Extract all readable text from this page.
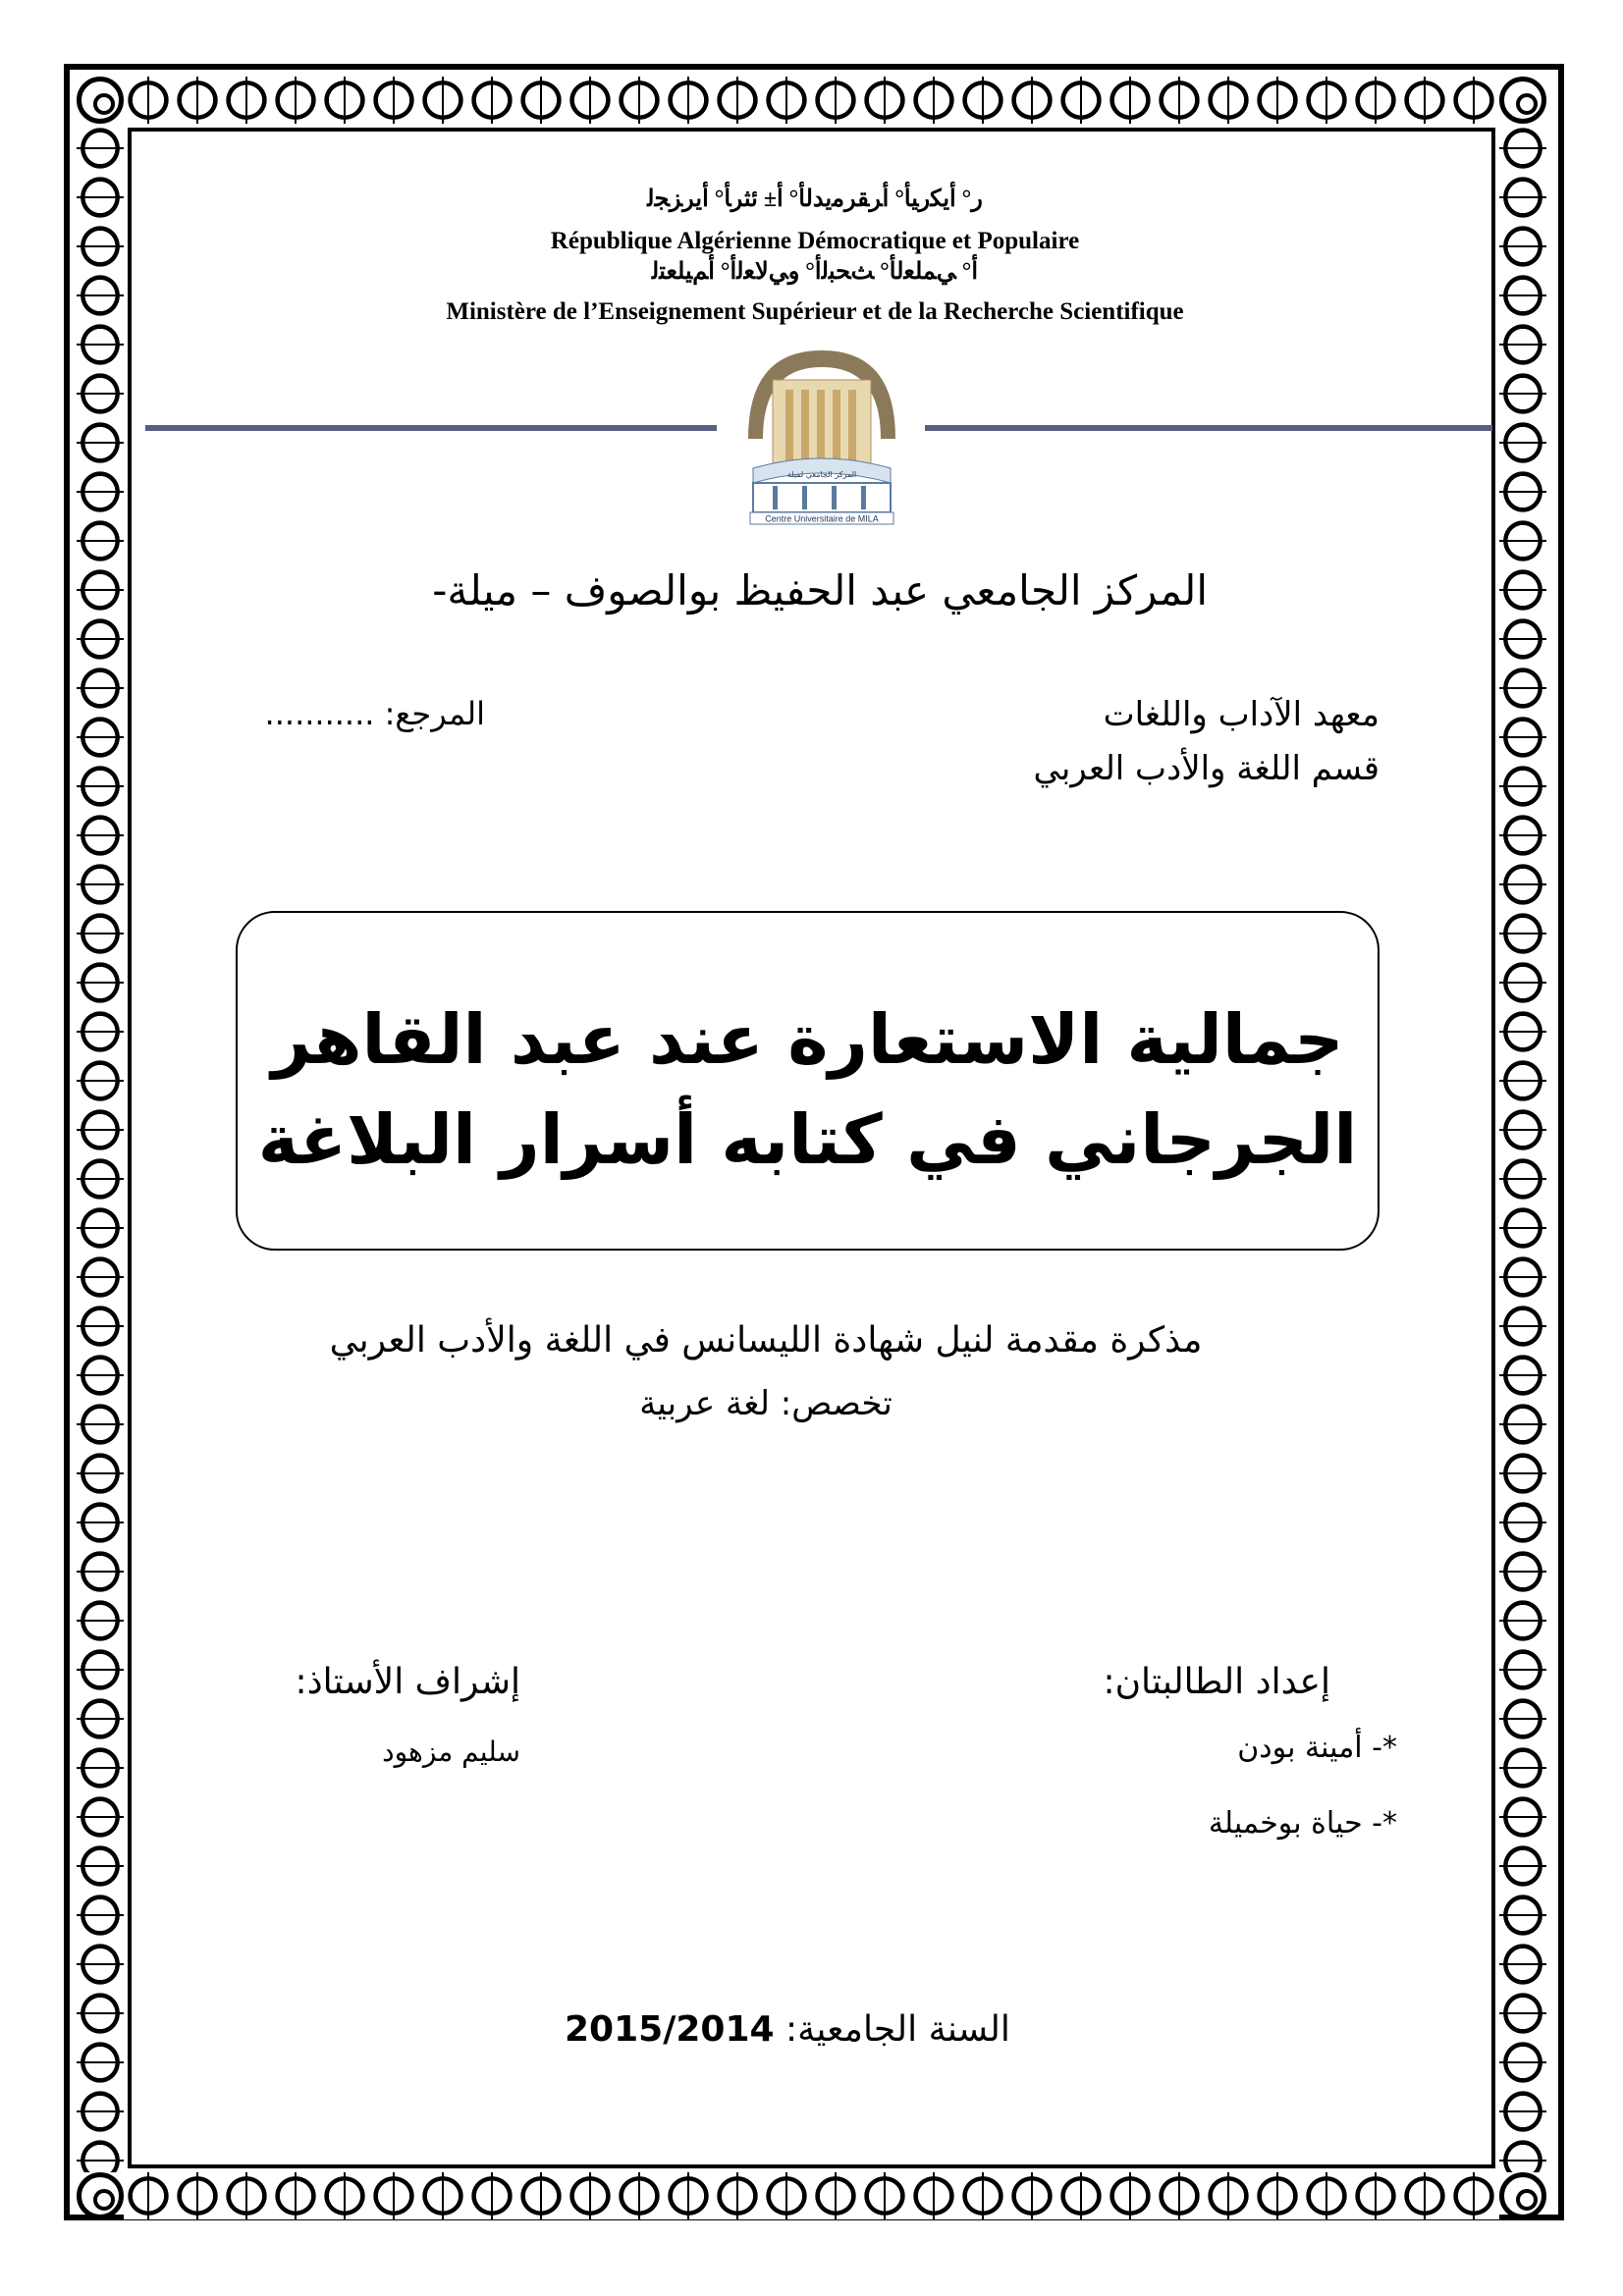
ﺭ° ﺃﻳﻜﺭﻴﺄ° ﺃﺮﻘﺮﻣﻳﺪﻟﺄ° ﺃ± ﺋﺜﺮﺄ° ﺃﻳﺮﺰﺠﻟ
République Algérienne Démocratique et Populaire
ﺃ° ﻲﻤﻠﻌﻟﺄ° ﺚﺤﺒﻟﺃ° ﻭﻲﻟﺎﻌﻟﺃ° ﺃﻢﻴﻠﻌﺘﻟ
Ministère de l’Enseignement Supérieur et de la Recherche Scientifique
المركز الجامعي لميلة
Centre Universitaire de MILA
المركز الجامعي عبد الحفيظ بوالصوف – ميلة-
معهد الآداب واللغات
قسم اللغة والأدب العربي
المرجع: ...........
جمالية الاستعارة عند عبد القاهر
الجرجاني في كتابه أسرار البلاغة
مذكرة مقدمة لنيل شهادة الليسانس في اللغة والأدب العربي
تخصص: لغة عربية
إعداد الطالبتان:
*- أمينة بودن
*- حياة بوخميلة
إشراف الأستاذ:
سليم مزهود
السنة الجامعية: 2015/2014
